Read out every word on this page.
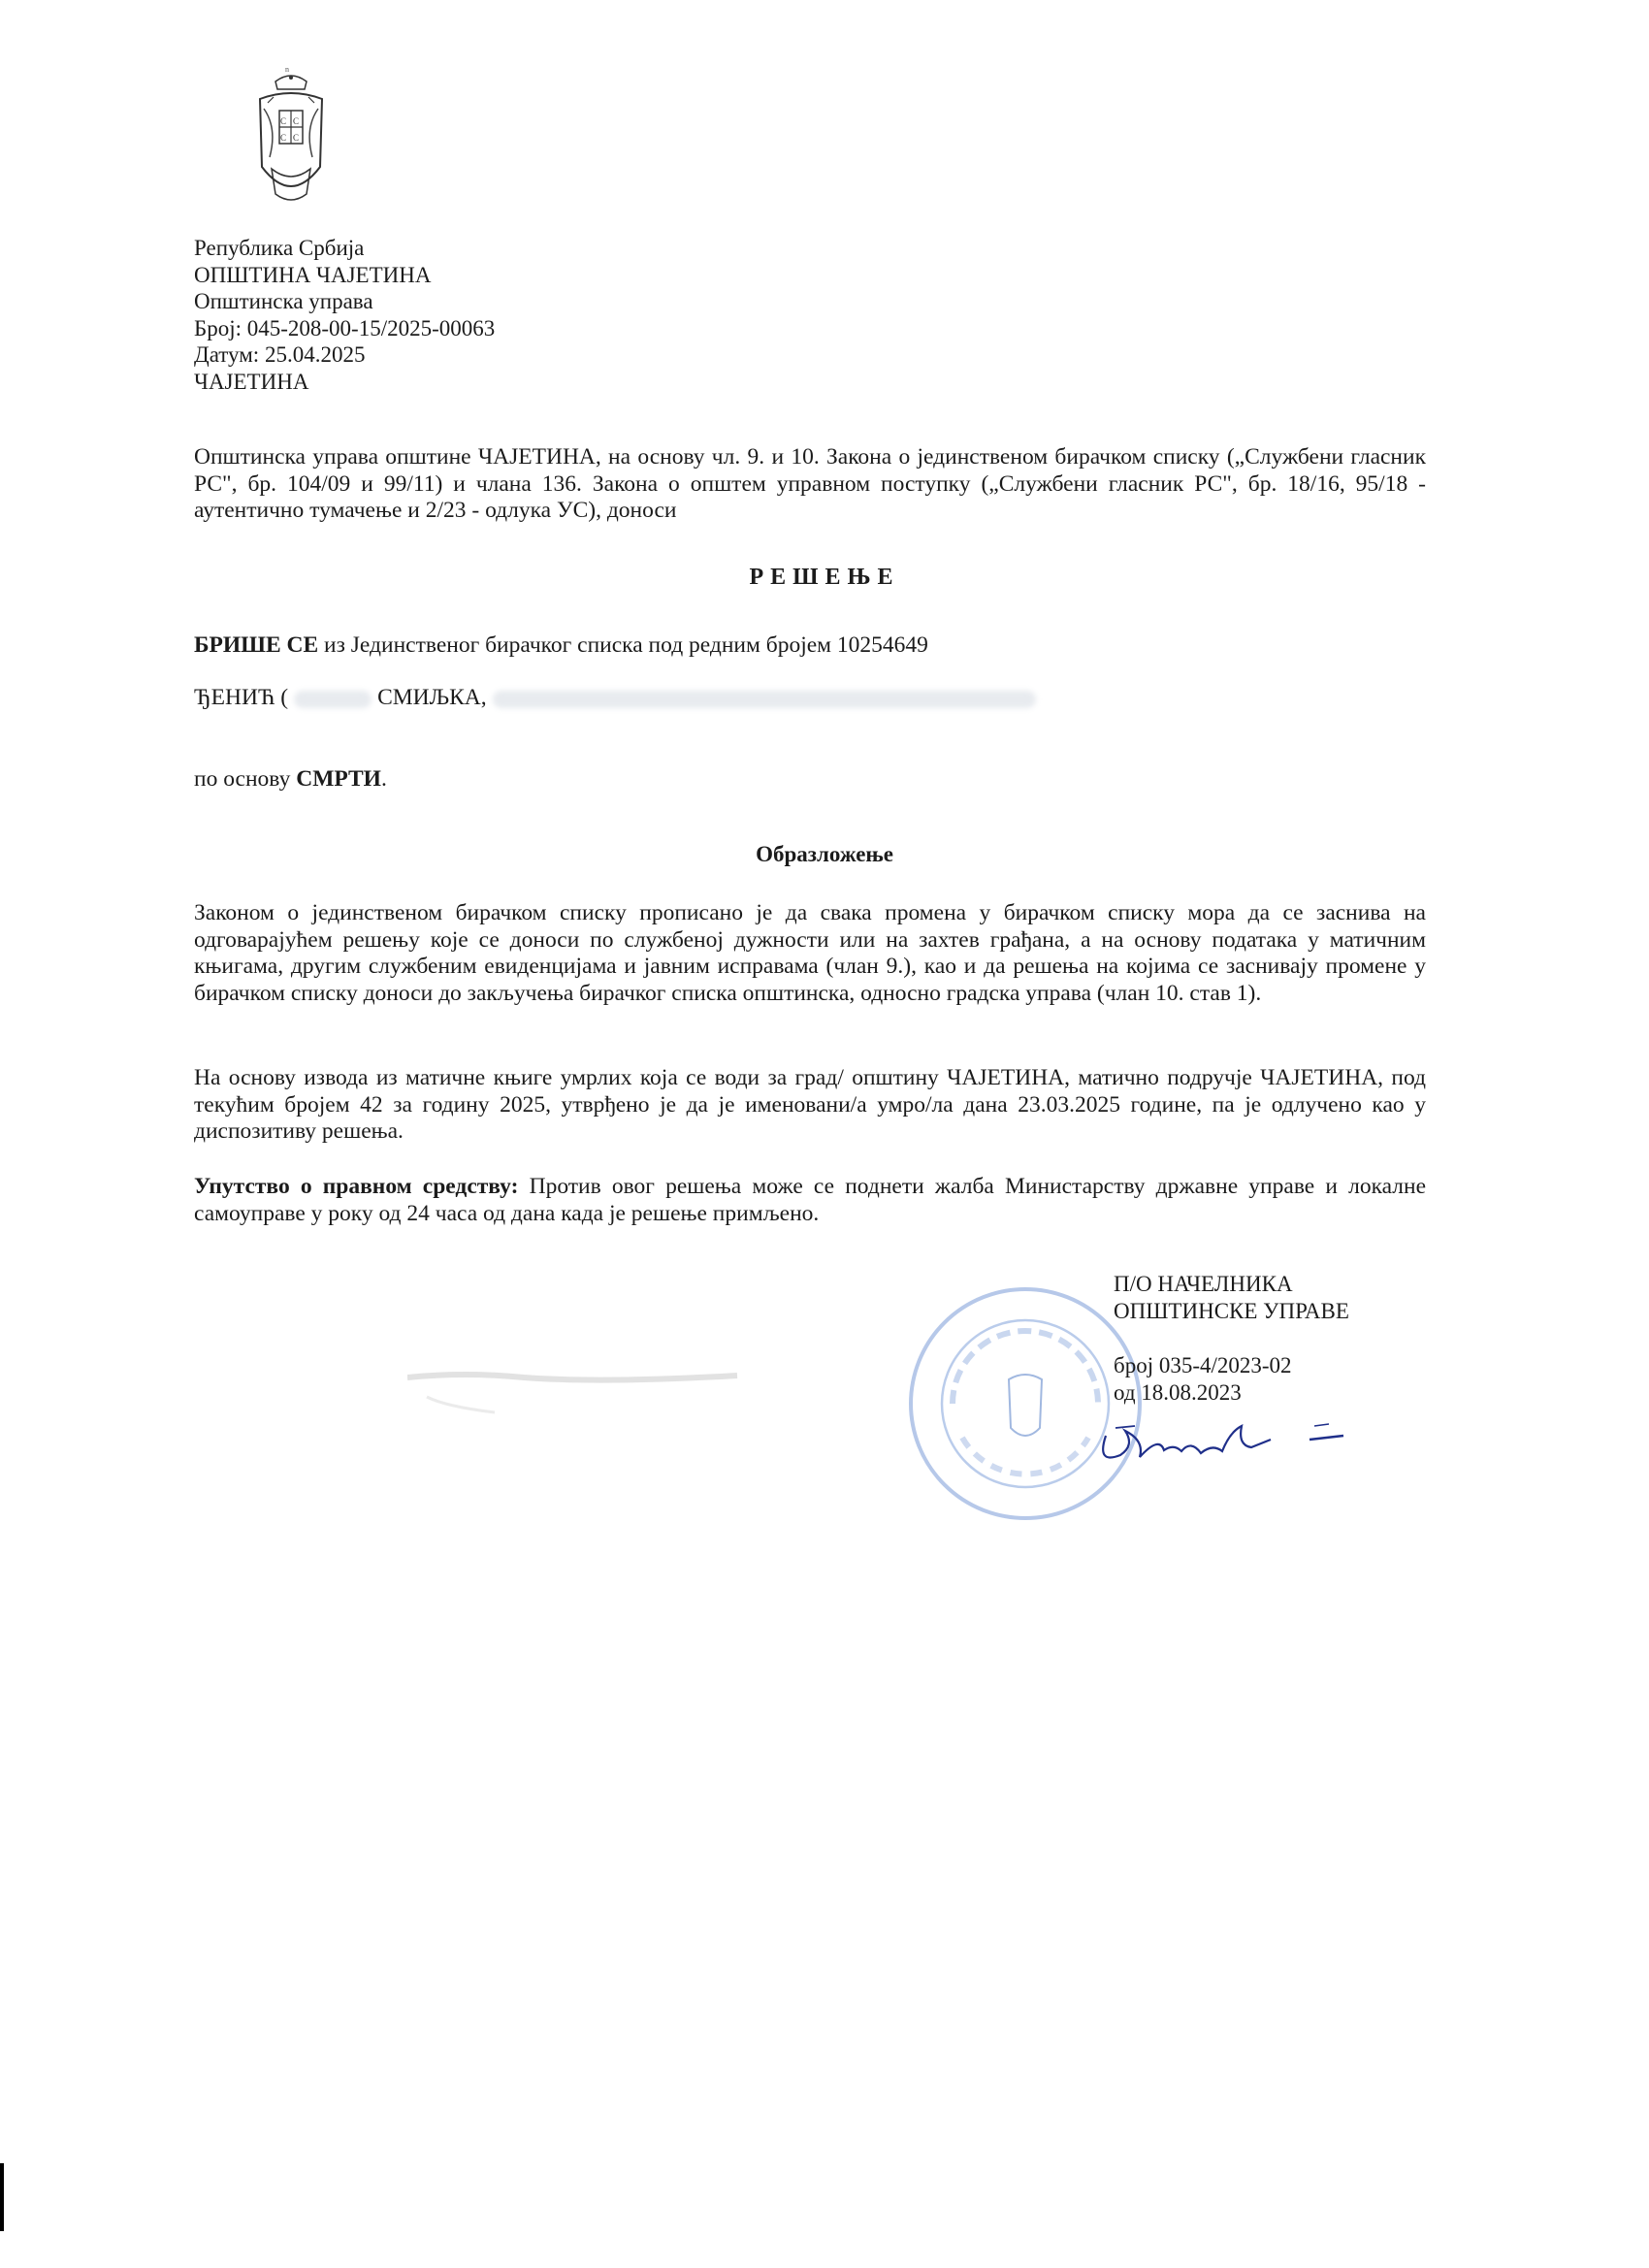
n
С С
С С
Република Србија
ОПШТИНА ЧАЈЕТИНА
Општинска управа
Број: 045-208-00-15/2025-00063
Датум: 25.04.2025
ЧАЈЕТИНА
Општинска управа општине ЧАЈЕТИНА, на основу чл. 9. и 10. Закона о јединственом бирачком списку („Службени гласник РС", бр. 104/09 и 99/11) и члана 136. Закона о општем управном поступку („Службени гласник РС", бр. 18/16, 95/18 - аутентично тумачење и 2/23 - одлука УС), доноси
РЕШЕЊЕ
БРИШЕ СЕ из Јединственог бирачког списка под редним бројем 10254649
ЂЕНИЋ (	СМИЉКА,
по основу СМРТИ.
Образложење
Законом о јединственом бирачком списку прописано је да свака промена у бирачком списку мора да се заснива на одговарајућем решењу које се доноси по службеној дужности или на захтев грађана, а на основу података у матичним књигама, другим службеним евиденцијама и јавним исправама (члан 9.), као и да решења на којима се заснивају промене у бирачком списку доноси до закључења бирачког списка општинска, односно градска управа (члан 10. став 1).
На основу извода из матичне књиге умрлих која се води за град/ општину ЧАЈЕТИНА, матично подручје ЧАЈЕТИНА, под текућим бројем 42 за годину 2025, утврђено је да је именовани/а умро/ла дана 23.03.2025 године, па је одлучено као у диспозитиву решења.
Упутство о правном средству: Против овог решења може се поднети жалба Министарству државне управе и локалне самоуправе у року од 24 часа од дана када је решење примљено.
П/О НАЧЕЛНИКА
ОПШТИНСКЕ УПРАВЕ
број 035-4/2023-02
од 18.08.2023
